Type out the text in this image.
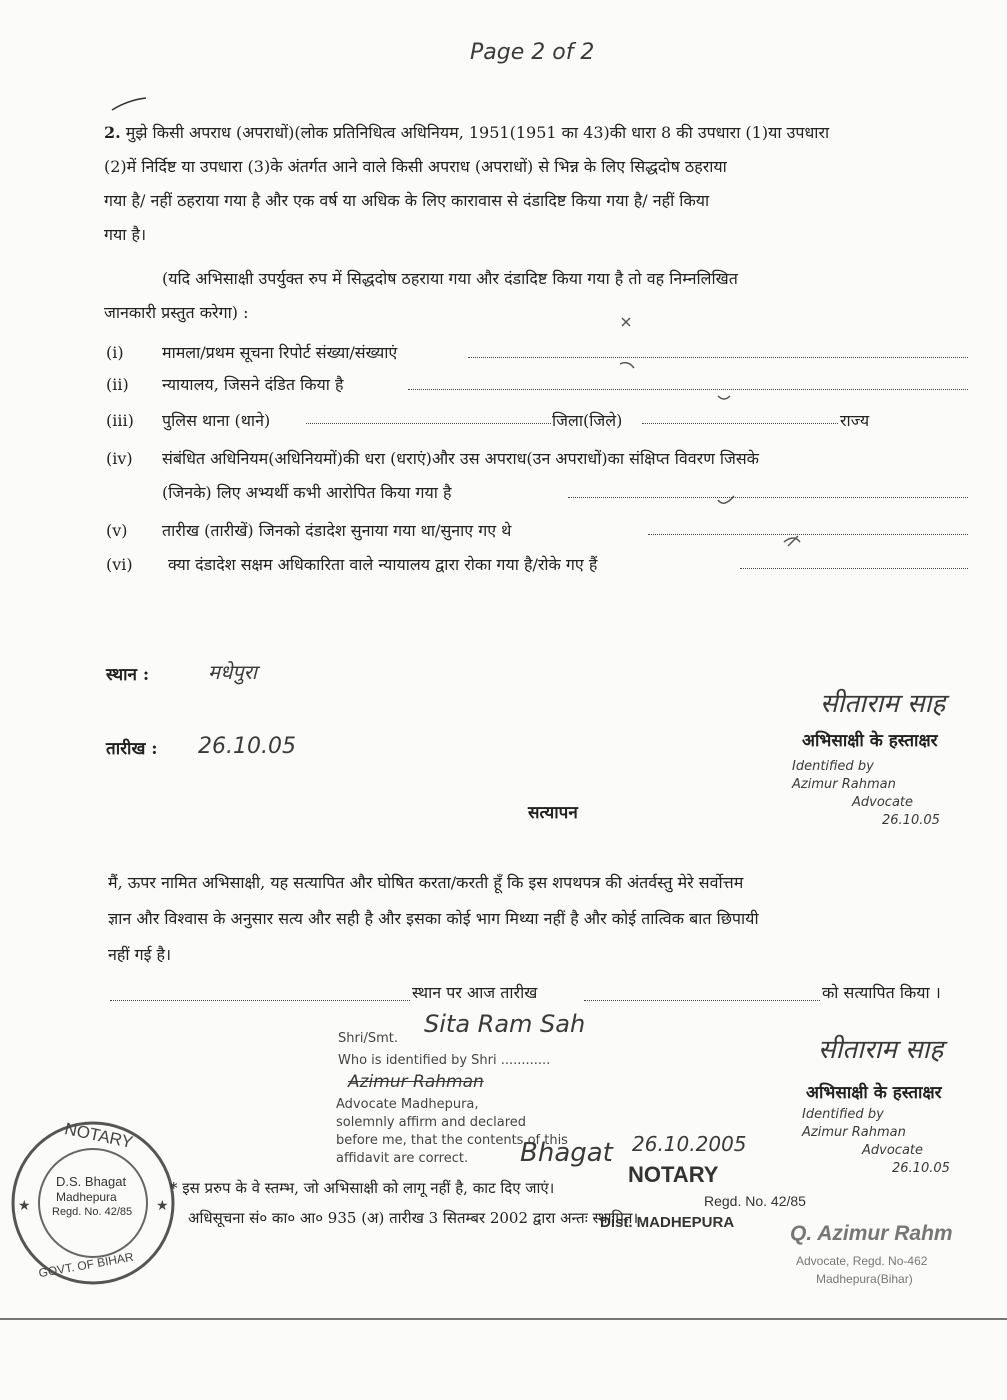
Page 2 of 2
2. मुझे किसी अपराध (अपराधों)(लोक प्रतिनिधित्व अधिनियम, 1951(1951 का 43)की धारा 8 की उपधारा (1)या उपधारा
(2)में निर्दिष्ट या उपधारा (3)के अंतर्गत आने वाले किसी अपराध (अपराधों) से भिन्न के लिए सिद्धदोष ठहराया
गया है/ नहीं ठहराया गया है और एक वर्ष या अधिक के लिए कारावास से दंडादिष्ट किया गया है/ नहीं किया
गया है।
(यदि अभिसाक्षी उपर्युक्त रुप में सिद्धदोष ठहराया गया और दंडादिष्ट किया गया है तो वह निम्नलिखित
जानकारी प्रस्तुत करेगा) :
(i) मामला/प्रथम सूचना रिपोर्ट संख्या/संख्याएं
(ii) न्यायालय, जिसने दंडित किया है
(iii) पुलिस थाना (थाने)	जिला(जिले)	राज्य
(iv) संबंधित अधिनियम(अधिनियमों)की धरा (धराएं)और उस अपराध(उन अपराधों)का संक्षिप्त विवरण जिसके
(जिनके) लिए अभ्यर्थी कभी आरोपित किया गया है
(v) तारीख (तारीखें) जिनको दंडादेश सुनाया गया था/सुनाए गए थे
(vi) क्या दंडादेश सक्षम अधिकारिता वाले न्यायालय द्वारा रोका गया है/रोके गए हैं
स्थान :	मधेपुरा
तारीख : 26.10.05
सीताराम साह
अभिसाक्षी के हस्ताक्षर
Identified by
Azimur Rahman
Advocate
26.10.05
सत्यापन
मैं, ऊपर नामित अभिसाक्षी, यह सत्यापित और घोषित करता/करती हूँ कि इस शपथपत्र की अंतर्वस्तु मेरे सर्वोत्तम
ज्ञान और विश्वास के अनुसार सत्य और सही है और इसका कोई भाग मिथ्या नहीं है और कोई तात्विक बात छिपायी
नहीं गई है।
स्थान पर आज तारीख	को सत्यापित किया ।
Shri/Smt.
Sita Ram Sah
Who is identified by Shri ............
Azimur Rahman
Advocate Madhepura,
solemnly affirm and declared
before me, that the contents of this
affidavit are correct. Bhagat 26.10.2005
NOTARY
Regd. No. 42/85
Dist. MADHEPURA
★	★
NOTARY
D.S. Bhagat
Madhepura
Regd. No. 42/85
GOVT. OF BIHAR
सीताराम साह
अभिसाक्षी के हस्ताक्षर
Identified by
Azimur Rahman
Advocate
26.10.05
* इस प्ररुप के वे स्तम्भ, जो अभिसाक्षी को लागू नहीं है, काट दिए जाएं।
अधिसूचना सं० का० आ० 935 (अ) तारीख 3 सितम्बर 2002 द्वारा अन्तः स्थापित।
Q. Azimur Rahm
Advocate, Regd. No-462
Madhepura(Bihar)
